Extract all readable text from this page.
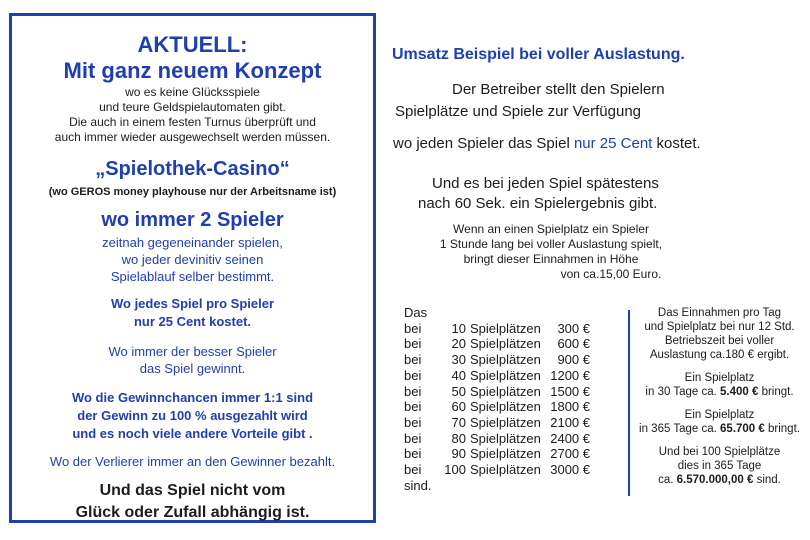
AKTUELL:

Mit ganz neuem Konzept

wo es keine Glücksspiele

und teure Geldspielautomaten gibt.

Die auch in einem festen Turnus überprüft und

auch immer wieder ausgewechselt werden müssen.

„Spielothek-Casino“

(wo GEROS money playhouse nur der Arbeitsname ist)

wo immer 2 Spieler

zeitnah gegeneinander spielen,

wo jeder devinitiv seinen

Spielablauf selber bestimmt.

Wo jedes Spiel pro Spieler

nur 25 Cent kostet.

Wo immer der besser Spieler

das Spiel gewinnt.

Wo die Gewinnchancen immer 1:1 sind

der Gewinn zu 100 % ausgezahlt wird

und es noch viele andere Vorteile gibt .

Wo der Verlierer immer an den Gewinner bezahlt.

Und das Spiel nicht vom

Glück oder Zufall abhängig ist.

Umsatz Beispiel bei voller Auslastung.
Der Betreiber stellt den Spielern
Spielplätze und Spiele zur Verfügung
wo jeden Spieler das Spiel nur 25 Cent kostet.
Und es bei jeden Spiel spätestens
nach 60 Sek. ein Spielergebnis gibt.
Wenn an einen Spielplatz ein Spieler
1 Stunde lang bei voller Auslastung spielt,
bringt dieser Einnahmen in Höhe
von ca.15,00 Euro.
Das
bei	10 Spielplätzen	300 €
bei	20 Spielplätzen	600 €
bei	30 Spielplätzen	900 €
bei	40 Spielplätzen 1200 €
bei	50 Spielplätzen 1500 €
bei	60 Spielplätzen 1800 €
bei	70 Spielplätzen 2100 €
bei	80 Spielplätzen 2400 €
bei	90 Spielplätzen 2700 €
bei	100 Spielplätzen 3000 €
sind.

Das Einnahmen pro Tag
und Spielplatz bei nur 12 Std.
Betriebszeit bei voller
Auslastung ca.180 € ergibt.

Ein Spielplatz
in 30 Tage ca. 5.400 € bringt.

Ein Spielplatz
in 365 Tage ca. 65.700 € bringt.

Und bei 100 Spielplätze
dies in 365 Tage
ca. 6.570.000,00 € sind.
